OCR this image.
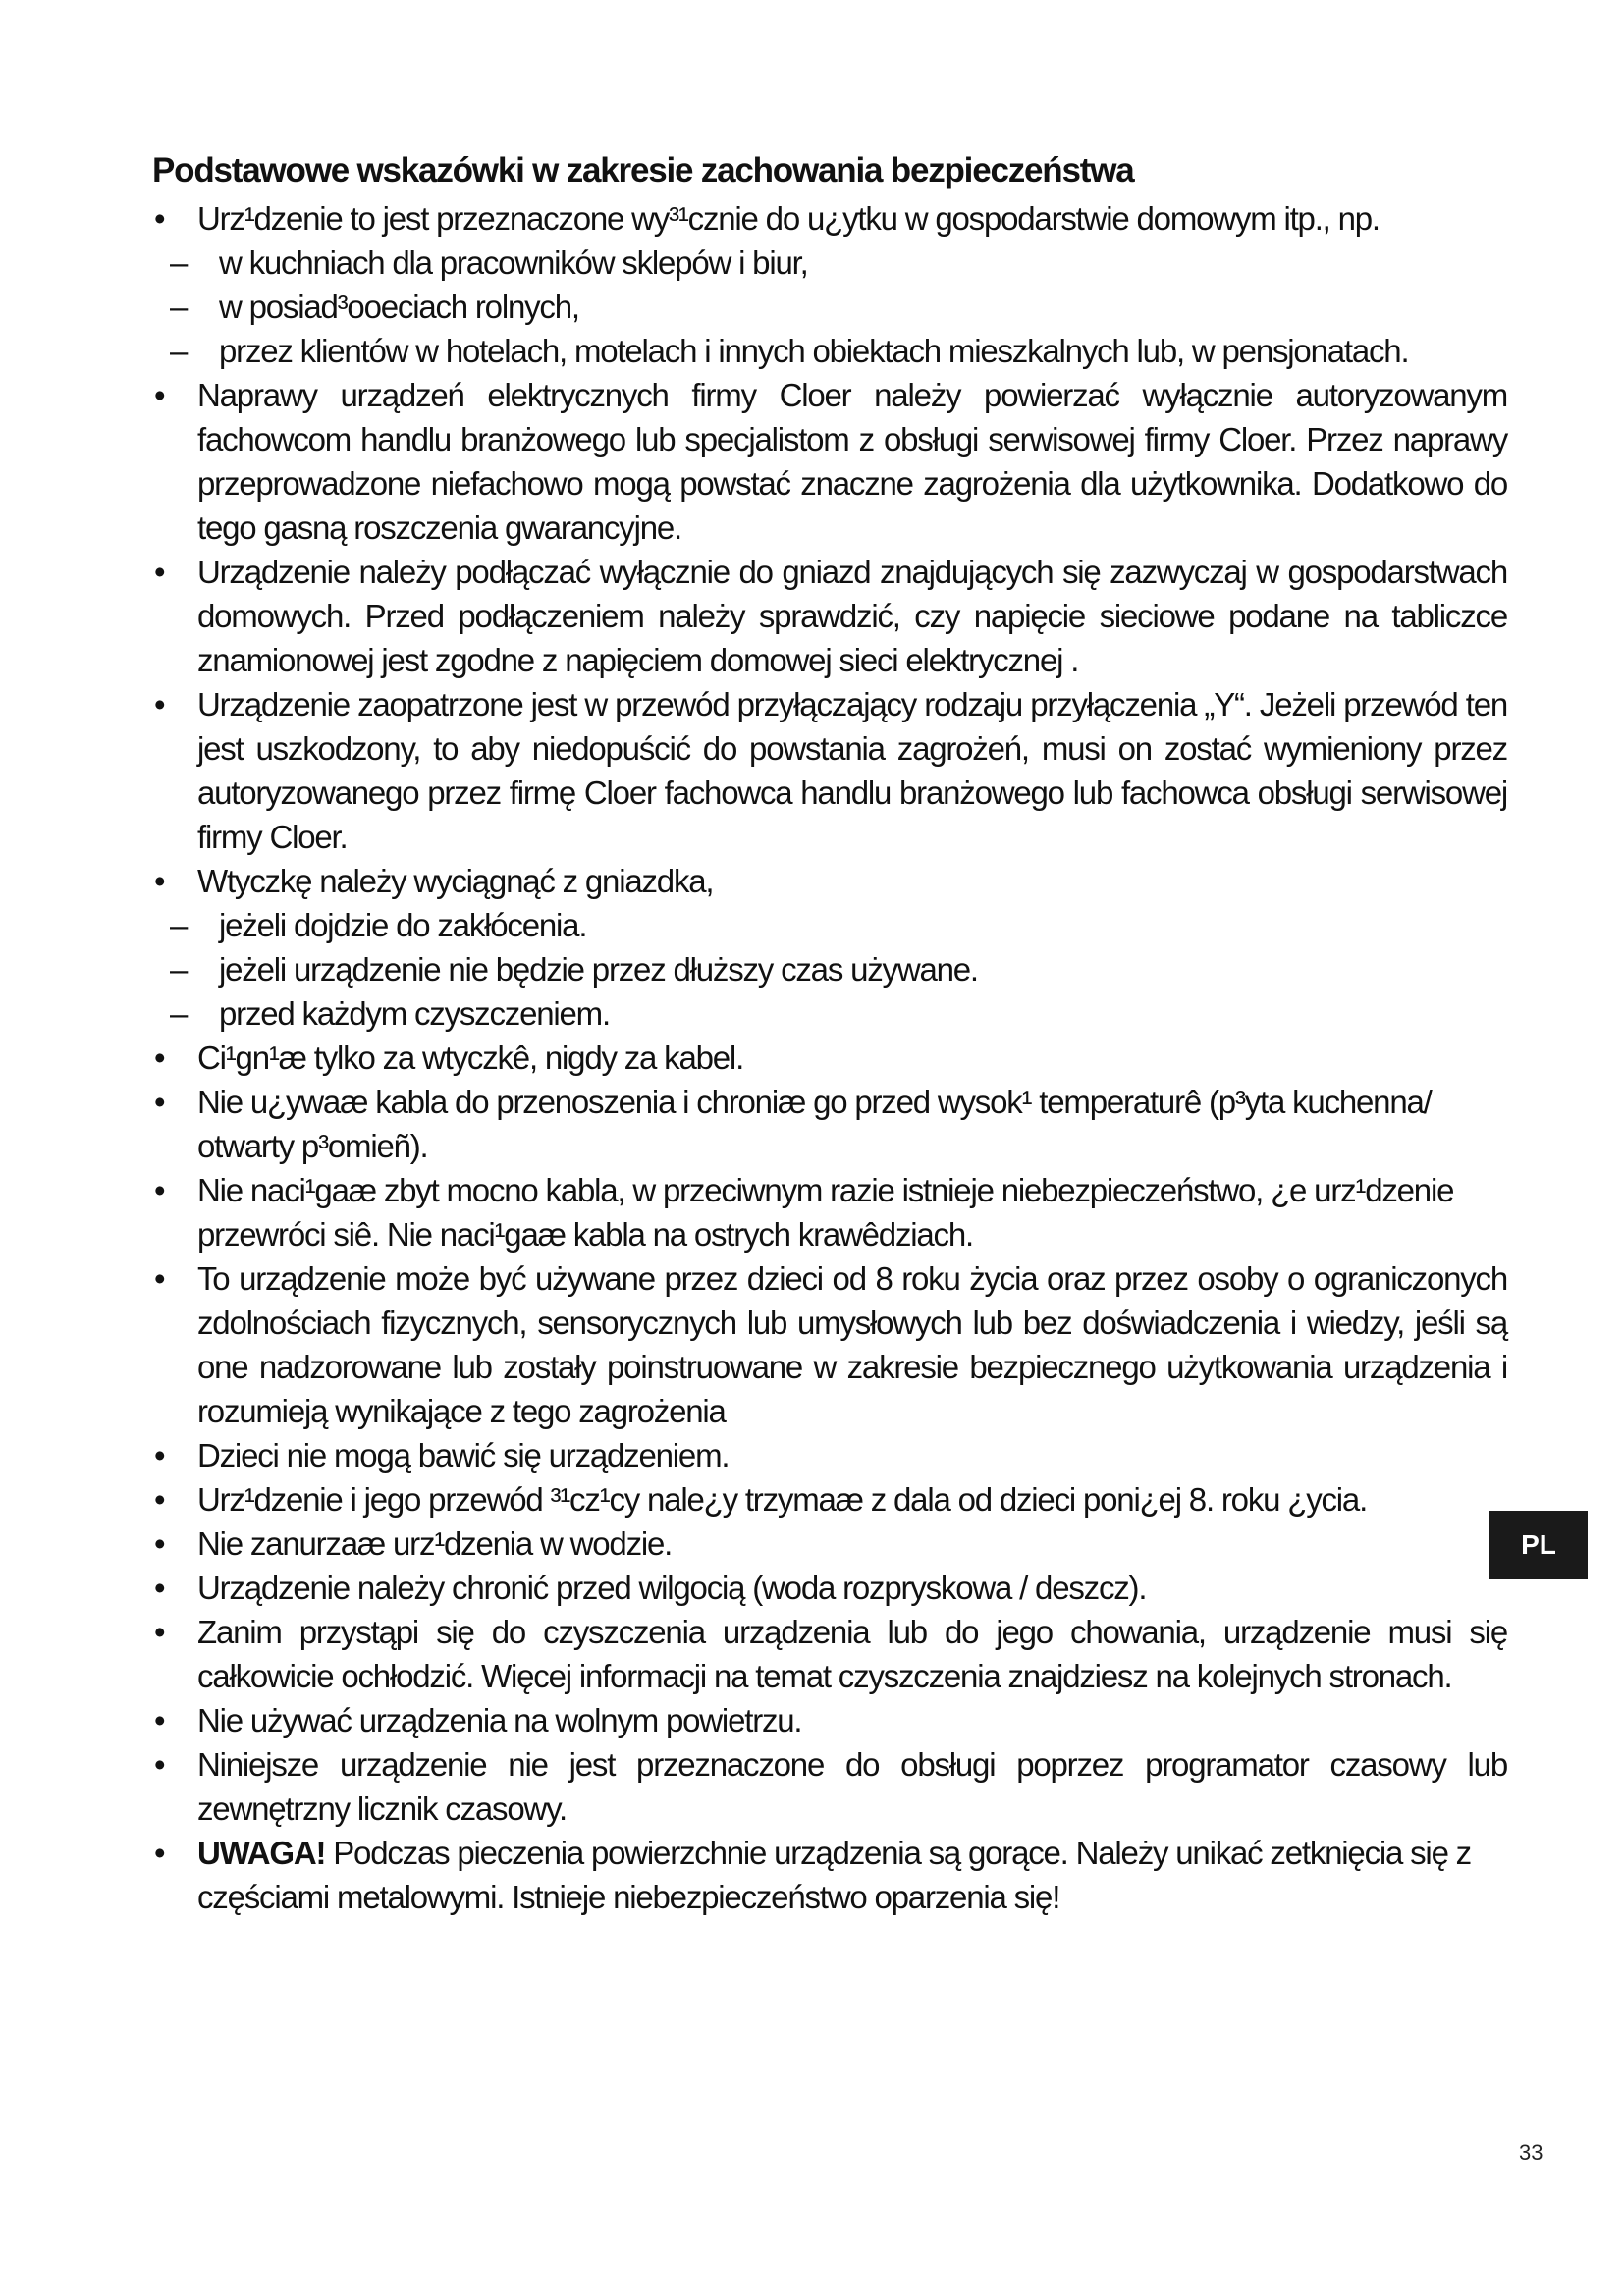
Podstawowe wskazówki w zakresie zachowania bezpieczeństwa
• Urz¹dzenie to jest przeznaczone wy³¹cznie do u¿ytku w gospodarstwie domowym itp., np.
– w kuchniach dla pracowników sklepów i biur,
– w posiad³ooeciach rolnych,
– przez klientów w hotelach, motelach i innych obiektach mieszkalnych lub, w pensjonatach.
• Naprawy urządzeń elektrycznych firmy Cloer należy powierzać wyłącznie autoryzowanym fachowcom handlu branżowego lub specjalistom z obsługi serwisowej firmy Cloer. Przez naprawy przeprowadzone niefachowo mogą powstać znaczne zagrożenia dla użytkownika. Dodatkowo do tego gasną roszczenia gwarancyjne.
• Urządzenie należy podłączać wyłącznie do gniazd znajdujących się zazwyczaj w gospodarstwach domowych. Przed podłączeniem należy sprawdzić, czy napięcie sieciowe podane na tabliczce znamionowej jest zgodne z napięciem domowej sieci elektrycznej .
• Urządzenie zaopatrzone jest w przewód przyłączający rodzaju przyłączenia „Y“. Jeżeli przewód ten jest uszkodzony, to aby niedopuścić do powstania zagrożeń, musi on zostać wymieniony przez autoryzowanego przez firmę Cloer fachowca handlu branżowego lub fachowca obsługi serwisowej firmy Cloer.
• Wtyczkę należy wyciągnąć z gniazdka,
– jeżeli dojdzie do zakłócenia.
– jeżeli urządzenie nie będzie przez dłuższy czas używane.
– przed każdym czyszczeniem.
• Ci¹gn¹æ tylko za wtyczkê, nigdy za kabel.
• Nie u¿ywaæ kabla do przenoszenia i chroniæ go przed wysok¹ temperaturê (p³yta kuchenna/ otwarty p³omieñ).
• Nie naci¹gaæ zbyt mocno kabla, w przeciwnym razie istnieje niebezpieczeństwo, ¿e urz¹dzenie przewróci siê. Nie naci¹gaæ kabla na ostrych krawêdziach.
• To urządzenie może być używane przez dzieci od 8 roku życia oraz przez osoby o ograniczonych zdolnościach fizycznych, sensorycznych lub umysłowych lub bez doświadczenia i wiedzy, jeśli są one nadzorowane lub zostały poinstruowane w zakresie bezpiecznego użytkowania urządzenia i rozumieją wynikające z tego zagrożenia
• Dzieci nie mogą bawić się urządzeniem.
• Urz¹dzenie i jego przewód ³¹cz¹cy nale¿y trzymaæ z dala od dzieci poni¿ej 8. roku ¿ycia.
• Nie zanurzaæ urz¹dzenia w wodzie.
• Urządzenie należy chronić przed wilgocią (woda rozpryskowa / deszcz).
• Zanim przystąpi się do czyszczenia urządzenia lub do jego chowania, urządzenie musi się całkowicie ochłodzić. Więcej informacji na temat czyszczenia znajdziesz na kolejnych stronach.
• Nie używać urządzenia na wolnym powietrzu.
• Niniejsze urządzenie nie jest przeznaczone do obsługi poprzez programator czasowy lub zewnętrzny licznik czasowy.
• UWAGA! Podczas pieczenia powierzchnie urządzenia są gorące. Należy unikać zetknięcia się z częściami metalowymi. Istnieje niebezpieczeństwo oparzenia się!
PL
33
